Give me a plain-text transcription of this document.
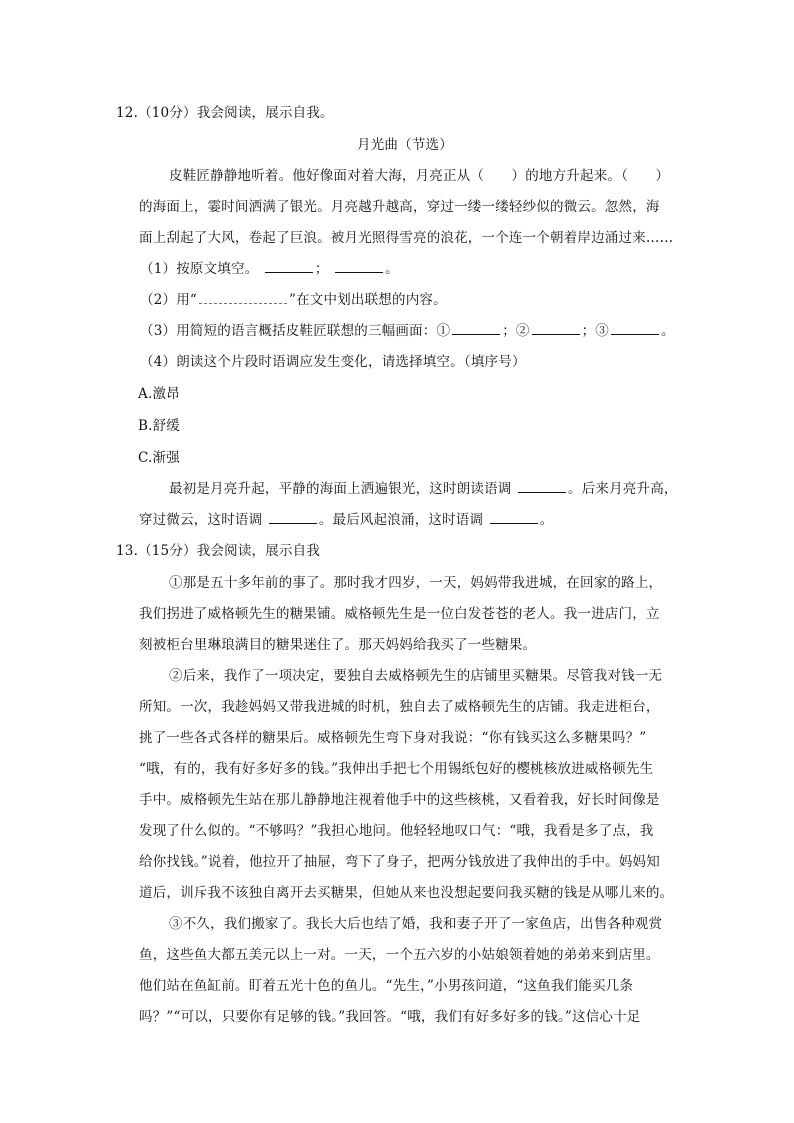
12.（10分）我会阅读，展示自我。
月光曲（节选）
皮鞋匠静静地听着。他好像面对着大海，月亮正从（　　）的地方升起来。（　　）
的海面上，霎时间洒满了银光。月亮越升越高，穿过一缕一缕轻纱似的微云。忽然，海
面上刮起了大风，卷起了巨浪。被月光照得雪亮的浪花，一个连一个朝着岸边涌过来……
（1）按原文填空。	；	。
（2）用“	”在文中划出联想的内容。
（3）用简短的语言概括皮鞋匠联想的三幅画面：①	；②	；③	。
（4）朗读这个片段时语调应发生变化，请选择填空。（填序号）
A.激昂
B.舒缓
C.渐强
最初是月亮升起，平静的海面上洒遍银光，这时朗读语调	。后来月亮升高，
穿过微云，这时语调	。最后风起浪涌，这时语调	。
13.（15分）我会阅读，展示自我
①那是五十多年前的事了。那时我才四岁，一天，妈妈带我进城，在回家的路上，
我们拐进了威格顿先生的糖果铺。威格顿先生是一位白发苍苍的老人。我一进店门，立
刻被柜台里琳琅满目的糖果迷住了。那天妈妈给我买了一些糖果。
②后来，我作了一项决定，要独自去威格顿先生的店铺里买糖果。尽管我对钱一无
所知。一次，我趁妈妈又带我进城的时机，独自去了威格顿先生的店铺。我走进柜台，
挑了一些各式各样的糖果后。威格顿先生弯下身对我说：“你有钱买这么多糖果吗？”
“哦，有的，我有好多好多的钱。”我伸出手把七个用锡纸包好的樱桃核放进威格顿先生
手中。威格顿先生站在那儿静静地注视着他手中的这些核桃，又看着我，好长时间像是
发现了什么似的。“不够吗？”我担心地问。他轻轻地叹口气：“哦，我看是多了点，我
给你找钱。”说着，他拉开了抽屉，弯下了身子，把两分钱放进了我伸出的手中。妈妈知
道后，训斥我不该独自离开去买糖果，但她从来也没想起要问我买糖的钱是从哪儿来的。
③不久，我们搬家了。我长大后也结了婚，我和妻子开了一家鱼店，出售各种观赏
鱼，这些鱼大都五美元以上一对。一天，一个五六岁的小姑娘领着她的弟弟来到店里。
他们站在鱼缸前。盯着五光十色的鱼儿。“先生，”小男孩问道，“这鱼我们能买几条
吗？”“可以，只要你有足够的钱。”我回答。“哦，我们有好多好多的钱。”这信心十足
